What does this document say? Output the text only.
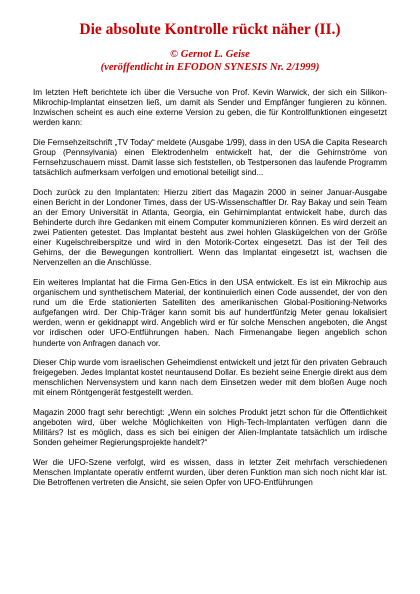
Die absolute Kontrolle rückt näher (II.)
© Gernot L. Geise
(veröffentlicht in EFODON SYNESIS Nr. 2/1999)

Im letzten Heft berichtete ich über die Versuche von Prof. Kevin Warwick, der sich ein Silikon-Mikrochip-Implantat einsetzen ließ, um damit als Sender und Empfänger fungieren zu können. Inzwischen scheint es auch eine externe Version zu geben, die für Kontrollfunktionen eingesetzt werden kann:

Die Fernsehzeitschrift „TV Today“ meldete (Ausgabe 1/99), dass in den USA die Capita Research Group (Pennsylvania) einen Elektrodenhelm entwickelt hat, der die Gehirnströme von Fernsehzuschauern misst. Damit lasse sich feststellen, ob Testpersonen das laufende Programm tatsächlich aufmerksam verfolgen und emotional beteiligt sind...

Doch zurück zu den Implantaten: Hierzu zitiert das Magazin 2000 in seiner Januar-Ausgabe einen Bericht in der Londoner Times, dass der US-Wissenschaftler Dr. Ray Bakay und sein Team an der Emory Universität in Atlanta, Georgia, ein Gehirnimplantat entwickelt habe, durch das Behinderte durch ihre Gedanken mit einem Computer kommunizieren können. Es wird derzeit an zwei Patienten getestet. Das Implantat besteht aus zwei hohlen Glaskügelchen von der Größe einer Kugelschreiberspitze und wird in den Motorik-Cortex eingesetzt. Das ist der Teil des Gehirns, der die Bewegungen kontrolliert. Wenn das Implantat eingesetzt ist, wachsen die Nervenzellen an die Anschlüsse.

Ein weiteres Implantat hat die Firma Gen-Etics in den USA entwickelt. Es ist ein Mikrochip aus organischem und synthetischem Material, der kontinuierlich einen Code aussendet, der von den rund um die Erde stationierten Satelliten des amerikanischen Global-Positioning-Networks aufgefangen wird. Der Chip-Träger kann somit bis auf hundertfünfzig Meter genau lokalisiert werden, wenn er gekidnappt wird. Angeblich wird er für solche Menschen angeboten, die Angst vor irdischen oder UFO-Entführungen haben. Nach Firmenangabe liegen angeblich schon hunderte von Anfragen danach vor.

Dieser Chip wurde vom israelischen Geheimdienst entwickelt und jetzt für den privaten Gebrauch freigegeben. Jedes Implantat kostet neuntausend Dollar. Es bezieht seine Energie direkt aus dem menschlichen Nervensystem und kann nach dem Einsetzen weder mit dem bloßen Auge noch mit einem Röntgengerät festgestellt werden.

Magazin 2000 fragt sehr berechtigt: „Wenn ein solches Produkt jetzt schon für die Öffentlichkeit angeboten wird, über welche Möglichkeiten von High-Tech-Implantaten verfügen dann die Militärs? Ist es möglich, dass es sich bei einigen der Alien-Implantate tatsächlich um irdische Sonden geheimer Regierungsprojekte handelt?“

Wer die UFO-Szene verfolgt, wird es wissen, dass in letzter Zeit mehrfach verschiedenen Menschen Implantate operativ entfernt wurden, über deren Funktion man sich noch nicht klar ist. Die Betroffenen vertreten die Ansicht, sie seien Opfer von UFO-Entführungen
